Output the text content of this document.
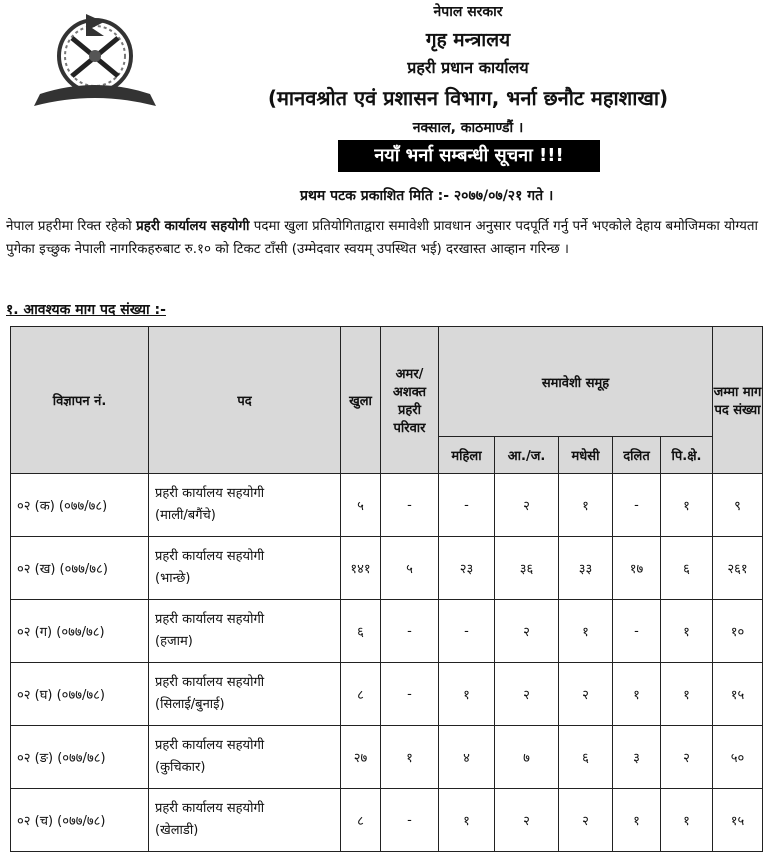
नेपाल सरकार
गृह मन्त्रालय
प्रहरी प्रधान कार्यालय
(मानवश्रोत एवं प्रशासन विभाग, भर्ना छनौट महाशाखा)
नक्साल, काठमाण्डौं ।
नयाँ भर्ना सम्बन्धी सूचना !!!
प्रथम पटक प्रकाशित मिति :- २०७७/०७/२१ गते ।
नेपाल प्रहरीमा रिक्त रहेको प्रहरी कार्यालय सहयोगी पदमा खुला प्रतियोगिताद्वारा समावेशी प्रावधान अनुसार पदपूर्ति गर्नु पर्ने भएकोले देहाय बमोजिमका योग्यता पुगेका इच्छुक नेपाली नागरिकहरुबाट रु.१० को टिकट टाँसी (उम्मेदवार स्वयम् उपस्थित भई) दरखास्त आव्हान गरिन्छ ।
१. आवश्यक माग पद संख्या :-
विज्ञापन नं.	पद	खुला	अमर/ अशक्त प्रहरी परिवार	समावेशी समूह					जम्मा माग पद संख्या
				महिला	आ./ज.	मधेसी	दलित	पि.क्षे.	
०२ (क) (०७७/७८)	प्रहरी कार्यालय सहयोगी
(माली/बगैंचे)	५	-	-	२	१	-	१	९
०२ (ख) (०७७/७८)	प्रहरी कार्यालय सहयोगी
(भान्छे)	१४१	५	२३	३६	३३	१७	६	२६१
०२ (ग) (०७७/७८)	प्रहरी कार्यालय सहयोगी
(हजाम)	६	-	-	२	१	-	१	१०
०२ (घ) (०७७/७८)	प्रहरी कार्यालय सहयोगी
(सिलाई/बुनाई)	८	-	१	२	२	१	१	१५
०२ (ङ) (०७७/७८)	प्रहरी कार्यालय सहयोगी
(कुचिकार)	२७	१	४	७	६	३	२	५०
०२ (च) (०७७/७८)	प्रहरी कार्यालय सहयोगी
(खेलाडी)	८	-	१	२	२	१	१	१५
